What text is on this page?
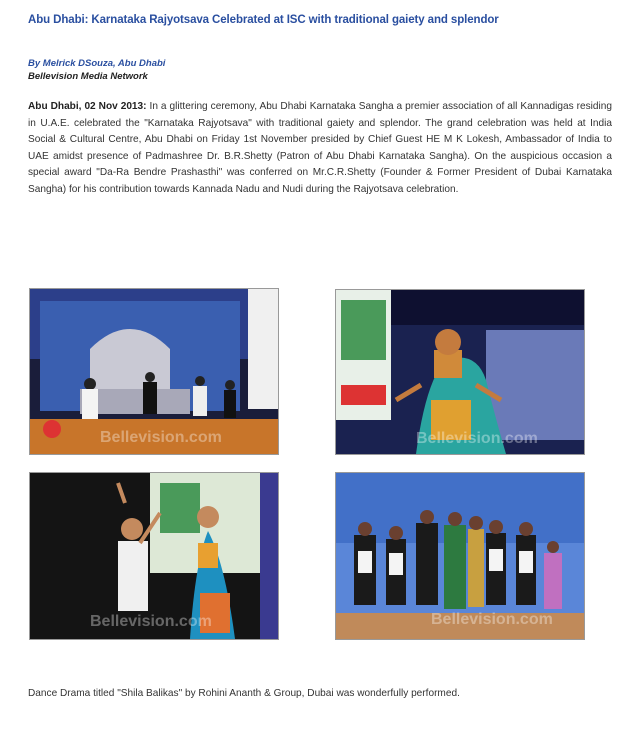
Abu Dhabi: Karnataka Rajyotsava Celebrated at ISC with traditional gaiety and splendor
By Melrick DSouza, Abu Dhabi
Bellevision Media Network
Abu Dhabi, 02 Nov 2013: In a glittering ceremony, Abu Dhabi Karnataka Sangha a premier association of all Kannadigas residing in U.A.E. celebrated the "Karnataka Rajyotsava" with traditional gaiety and splendor. The grand celebration was held at India Social & Cultural Centre, Abu Dhabi on Friday 1st November presided by Chief Guest HE M K Lokesh, Ambassador of India to UAE amidst presence of Padmashree Dr. B.R.Shetty (Patron of Abu Dhabi Karnataka Sangha). On the auspicious occasion a special award "Da-Ra Bendre Prashasthi" was conferred on Mr.C.R.Shetty (Founder & Former President of Dubai Karnataka Sangha) for his contribution towards Kannada Nadu and Nudi during the Rajyotsava celebration.
Bellevision.com	Bellevision.com
Bellevision.com	Bellevision.com
Dance Drama titled "Shila Balikas" by Rohini Ananth & Group, Dubai was wonderfully performed.
